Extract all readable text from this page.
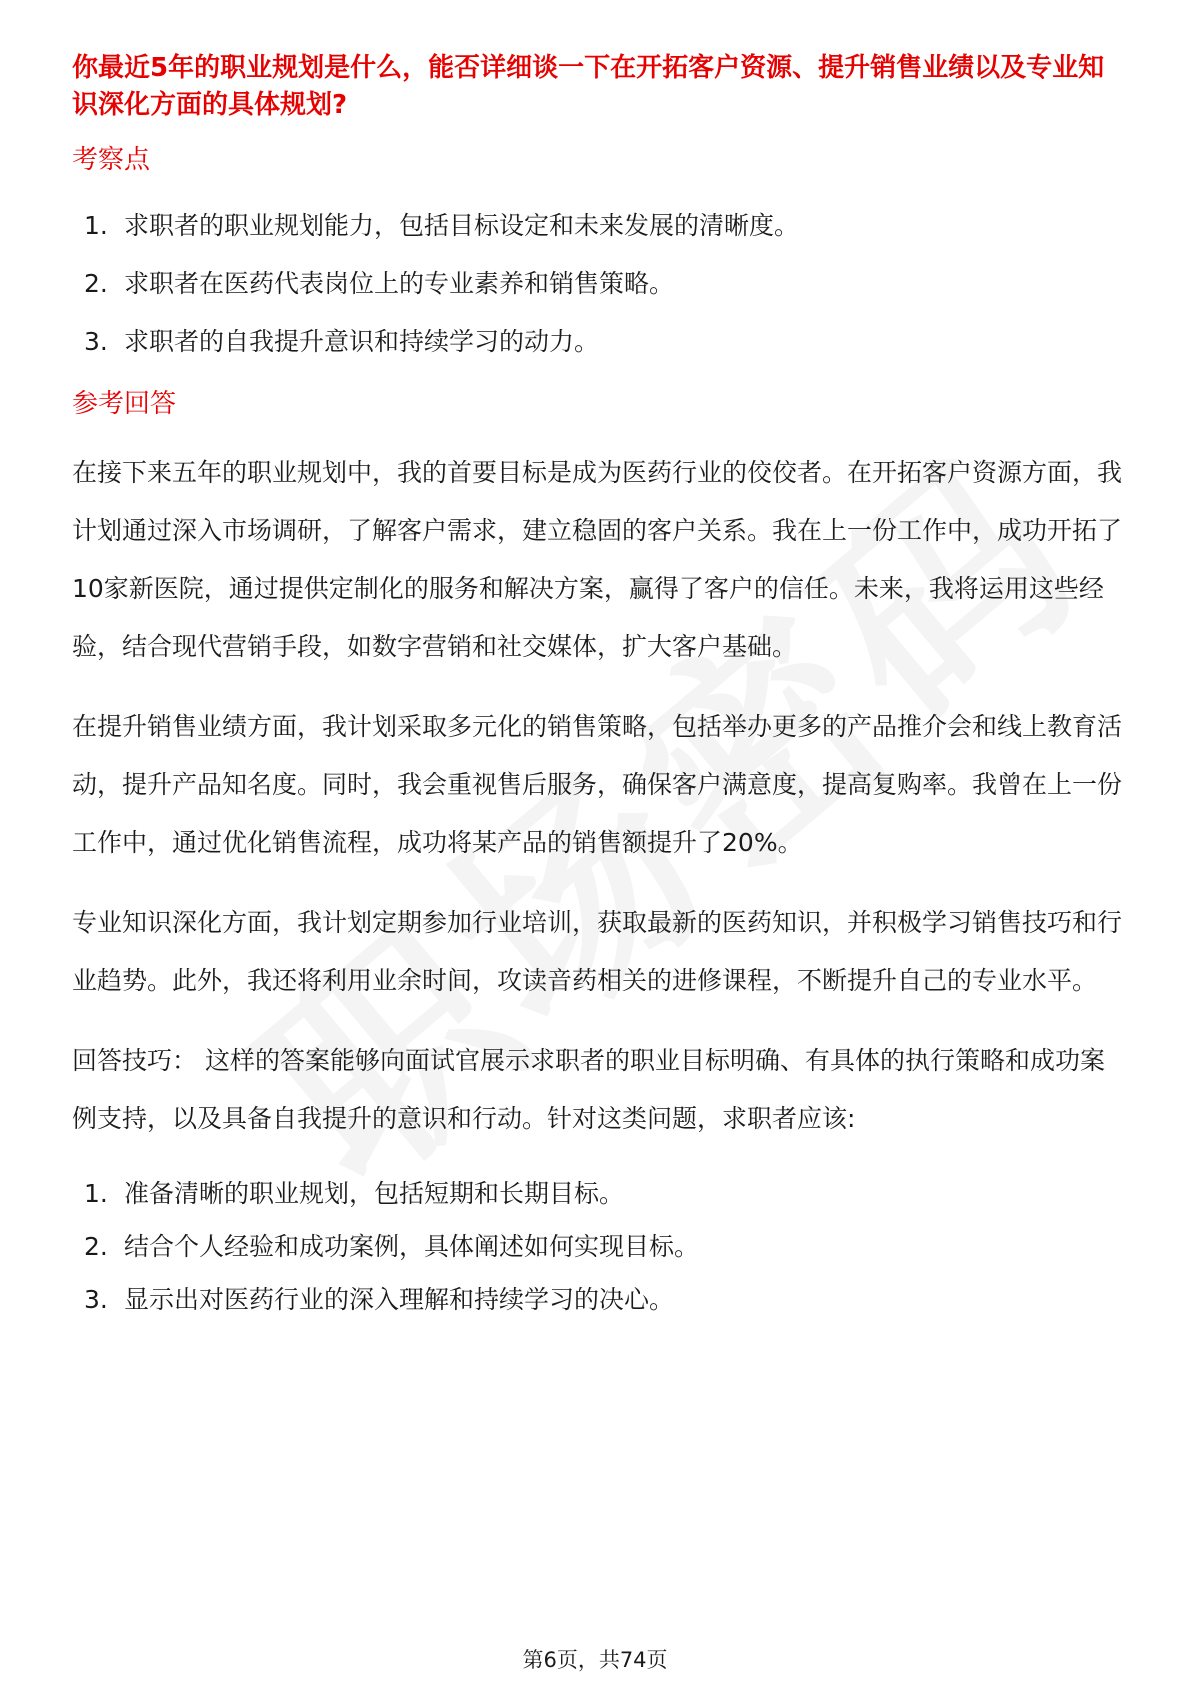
你最近5年的职业规划是什么，能否详细谈一下在开拓客户资源、提升销售业绩以及专业知识深化方面的具体规划?

考察点

1. 求职者的职业规划能力，包括目标设定和未来发展的清晰度。
2. 求职者在医药代表岗位上的专业素养和销售策略。
3. 求职者的自我提升意识和持续学习的动力。

参考回答

在接下来五年的职业规划中，我的首要目标是成为医药行业的佼佼者。在开拓客户资源方面，我计划通过深入市场调研，了解客户需求，建立稳固的客户关系。我在上一份工作中，成功开拓了10家新医院，通过提供定制化的服务和解决方案，赢得了客户的信任。未来，我将运用这些经验，结合现代营销手段，如数字营销和社交媒体，扩大客户基础。

在提升销售业绩方面，我计划采取多元化的销售策略，包括举办更多的产品推介会和线上教育活动，提升产品知名度。同时，我会重视售后服务，确保客户满意度，提高复购率。我曾在上一份工作中，通过优化销售流程，成功将某产品的销售额提升了20%。

专业知识深化方面，我计划定期参加行业培训，获取最新的医药知识，并积极学习销售技巧和行业趋势。此外，我还将利用业余时间，攻读音药相关的进修课程，不断提升自己的专业水平。

回答技巧： 这样的答案能够向面试官展示求职者的职业目标明确、有具体的执行策略和成功案例支持，以及具备自我提升的意识和行动。针对这类问题，求职者应该:

1. 准备清晰的职业规划，包括短期和长期目标。
2. 结合个人经验和成功案例，具体阐述如何实现目标。
3. 显示出对医药行业的深入理解和持续学习的决心。
第6页，共74页
